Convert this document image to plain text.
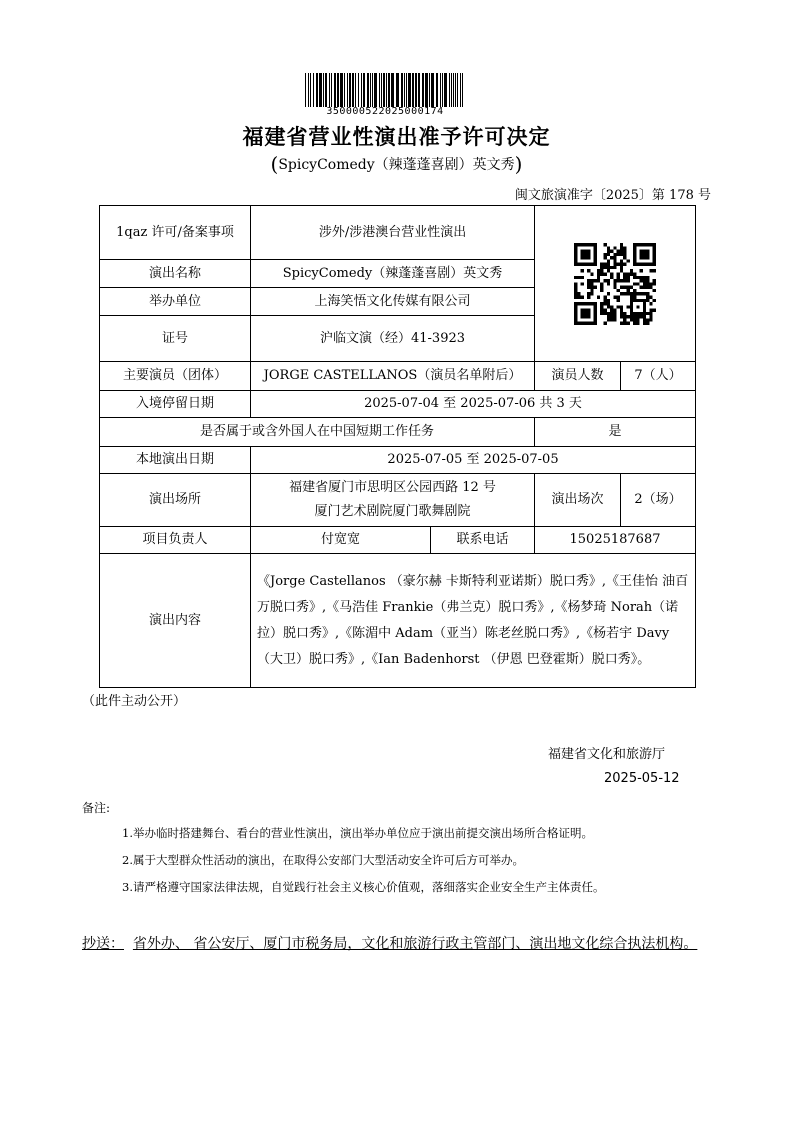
350000522025000174
福建省营业性演出准予许可决定
(SpicyComedy（辣蓬蓬喜剧）英文秀)
闽文旅演准字〔2025〕第 178 号
1qaz 许可/备案事项	涉外/涉港澳台营业性演出	

演出名称	SpicyComedy（辣蓬蓬喜剧）英文秀			
举办单位	上海笑悟文化传媒有限公司			
证号	沪临文演（经）41-3923			
主要演员（团体）	JORGE CASTELLANOS（演员名单附后）		演员人数	7（人）
入境停留日期	2025-07-04 至 2025-07-06 共 3 天			
是否属于或含外国人在中国短期工作任务			是	
本地演出日期	2025-07-05 至 2025-07-05			
演出场所	福建省厦门市思明区公园西路 12 号
厦门艺术剧院厦门歌舞剧院		演出场次	2（场）
项目负责人	付宽宽	联系电话	15025187687	
演出内容	《Jorge Castellanos （豪尔赫 卡斯特利亚诺斯）脱口秀》,《王佳怡 油百万脱口秀》,《马浩佳 Frankie（弗兰克）脱口秀》,《杨梦琦 Norah（诺拉）脱口秀》,《陈湄中 Adam（亚当）陈老丝脱口秀》,《杨若宇 Davy（大卫）脱口秀》,《Ian Badenhorst （伊恩 巴登霍斯）脱口秀》。			
（此件主动公开）
福建省文化和旅游厅
2025-05-12
备注:
1.举办临时搭建舞台、看台的营业性演出，演出举办单位应于演出前提交演出场所合格证明。
2.属于大型群众性活动的演出，在取得公安部门大型活动安全许可后方可举办。
3.请严格遵守国家法律法规，自觉践行社会主义核心价值观，落细落实企业安全生产主体责任。
抄送： 省外办、 省公安厅、厦门市税务局，文化和旅游行政主管部门、演出地文化综合执法机构。
